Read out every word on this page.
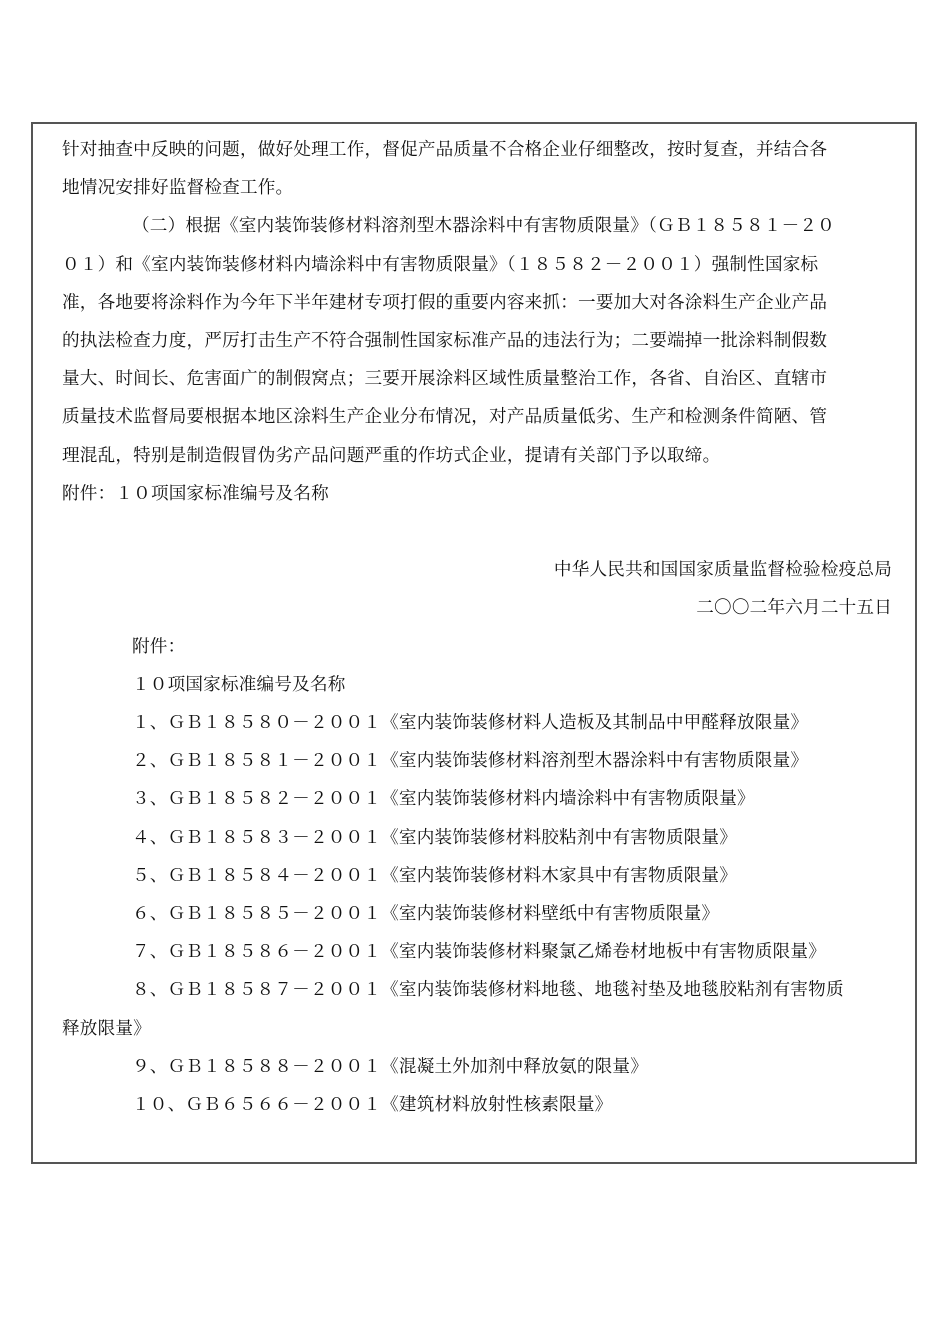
针对抽查中反映的问题，做好处理工作，督促产品质量不合格企业仔细整改，按时复查，并结合各
地情况安排好监督检查工作。

（二）根据《室内装饰装修材料溶剂型木器涂料中有害物质限量》（ＧＢ１８５８１－２０
０１）和《室内装饰装修材料内墙涂料中有害物质限量》（１８５８２－２００１）强制性国家标
准，各地要将涂料作为今年下半年建材专项打假的重要内容来抓：一要加大对各涂料生产企业产品
的执法检查力度，严厉打击生产不符合强制性国家标准产品的违法行为；二要端掉一批涂料制假数
量大、时间长、危害面广的制假窝点；三要开展涂料区域性质量整治工作，各省、自治区、直辖市
质量技术监督局要根据本地区涂料生产企业分布情况，对产品质量低劣、生产和检测条件简陋、管
理混乱，特别是制造假冒伪劣产品问题严重的作坊式企业，提请有关部门予以取缔。

附件：１０项国家标准编号及名称

中华人民共和国国家质量监督检验检疫总局

二〇〇二年六月二十五日

附件：

１０项国家标准编号及名称

１、ＧＢ１８５８０－２００１《室内装饰装修材料人造板及其制品中甲醛释放限量》

２、ＧＢ１８５８１－２００１《室内装饰装修材料溶剂型木器涂料中有害物质限量》

３、ＧＢ１８５８２－２００１《室内装饰装修材料内墙涂料中有害物质限量》

４、ＧＢ１８５８３－２００１《室内装饰装修材料胶粘剂中有害物质限量》

５、ＧＢ１８５８４－２００１《室内装饰装修材料木家具中有害物质限量》

６、ＧＢ１８５８５－２００１《室内装饰装修材料壁纸中有害物质限量》

７、ＧＢ１８５８６－２００１《室内装饰装修材料聚氯乙烯卷材地板中有害物质限量》

８、ＧＢ１８５８７－２００１《室内装饰装修材料地毯、地毯衬垫及地毯胶粘剂有害物质

释放限量》

９、ＧＢ１８５８８－２００１《混凝土外加剂中释放氨的限量》

１０、ＧＢ６５６６－２００１《建筑材料放射性核素限量》
